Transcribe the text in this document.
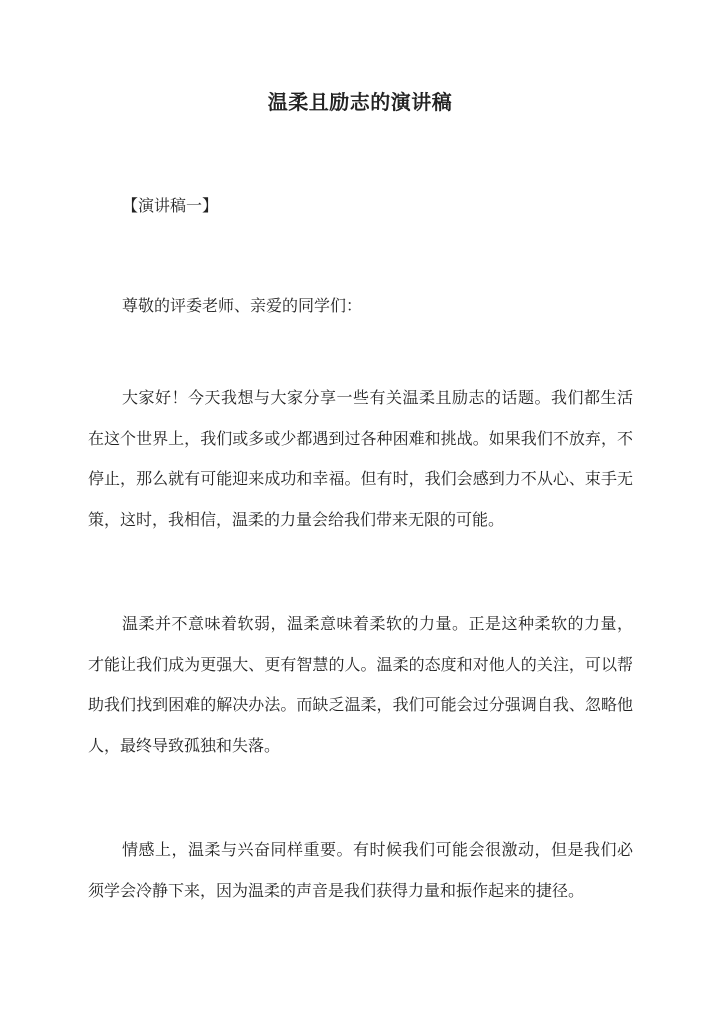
温柔且励志的演讲稿

【演讲稿一】

尊敬的评委老师、亲爱的同学们：

大家好！今天我想与大家分享一些有关温柔且励志的话题。我们都生活在这个世界上，我们或多或少都遇到过各种困难和挑战。如果我们不放弃，不停止，那么就有可能迎来成功和幸福。但有时，我们会感到力不从心、束手无策，这时，我相信，温柔的力量会给我们带来无限的可能。

温柔并不意味着软弱，温柔意味着柔软的力量。正是这种柔软的力量，才能让我们成为更强大、更有智慧的人。温柔的态度和对他人的关注，可以帮助我们找到困难的解决办法。而缺乏温柔，我们可能会过分强调自我、忽略他人，最终导致孤独和失落。

情感上，温柔与兴奋同样重要。有时候我们可能会很激动，但是我们必须学会冷静下来，因为温柔的声音是我们获得力量和振作起来的捷径。
